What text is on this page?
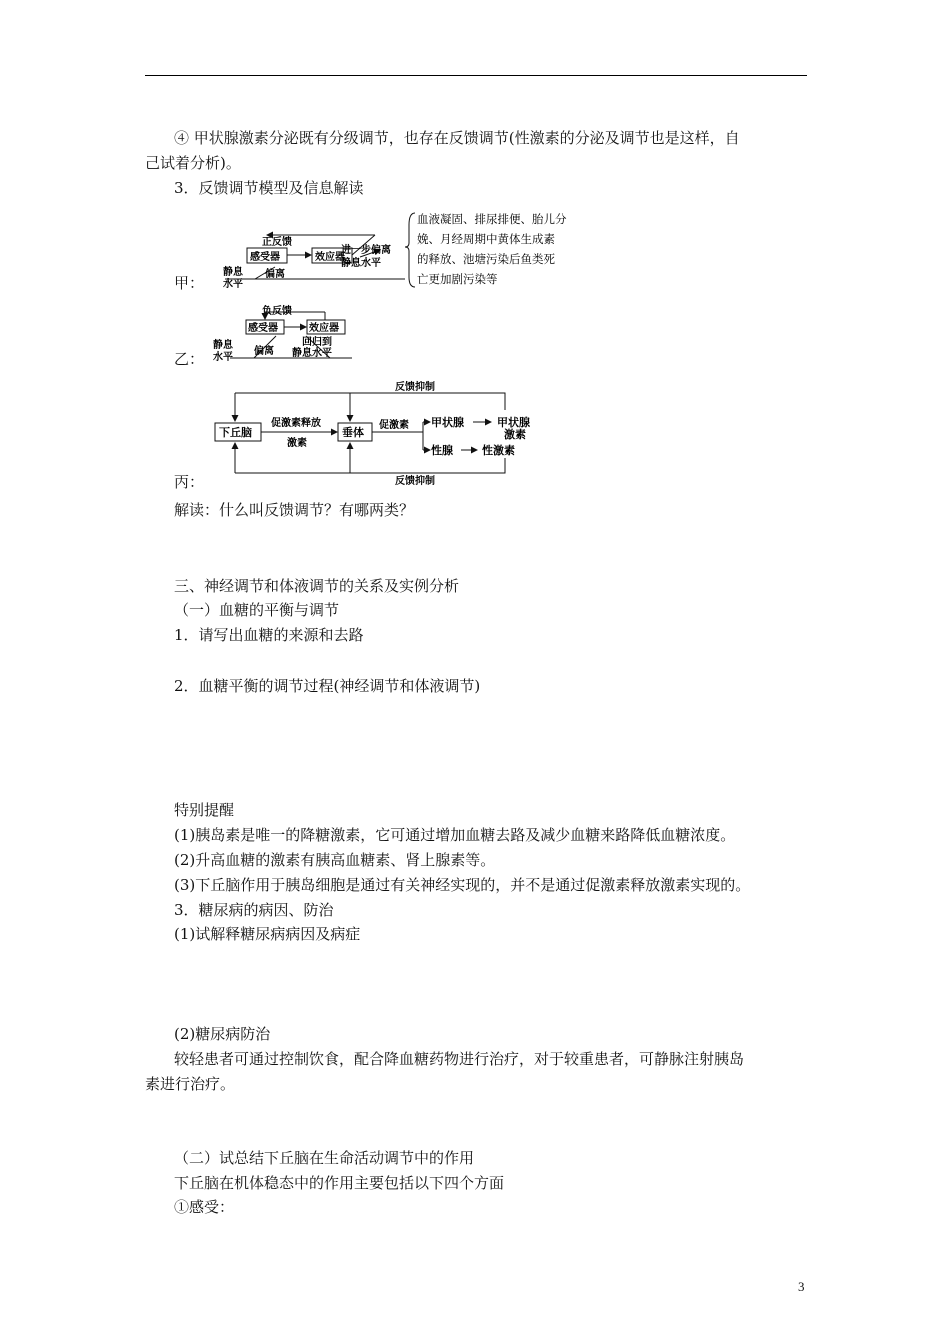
④ 甲状腺激素分泌既有分级调节，也存在反馈调节(性激素的分泌及调节也是这样，自
己试着分析)。
3．反馈调节模型及信息解读
甲：
正反馈
感受器	效应器
偏离
静息
水平
进一步偏离
静息水平
血液凝固、排尿排便、胎儿分
娩、月经周期中黄体生成素
的释放、池塘污染后鱼类死
亡更加剧污染等
乙：
负反馈
感受器	效应器
静息
水平
偏离
回归到
静息水平
丙：
反馈抑制
下丘脑
促激素释放
激素
垂体
促激素 甲状腺	甲状腺
激素
性腺	性激素
反馈抑制
解读：什么叫反馈调节？有哪两类？
三、神经调节和体液调节的关系及实例分析
（一）血糖的平衡与调节
1．请写出血糖的来源和去路
2．血糖平衡的调节过程(神经调节和体液调节)
特别提醒
(1)胰岛素是唯一的降糖激素，它可通过增加血糖去路及减少血糖来路降低血糖浓度。
(2)升高血糖的激素有胰高血糖素、肾上腺素等。
(3)下丘脑作用于胰岛细胞是通过有关神经实现的，并不是通过促激素释放激素实现的。
3．糖尿病的病因、防治
(1)试解释糖尿病病因及病症
(2)糖尿病防治
较轻患者可通过控制饮食，配合降血糖药物进行治疗，对于较重患者，可静脉注射胰岛
素进行治疗。
（二）试总结下丘脑在生命活动调节中的作用
下丘脑在机体稳态中的作用主要包括以下四个方面
①感受：
3
